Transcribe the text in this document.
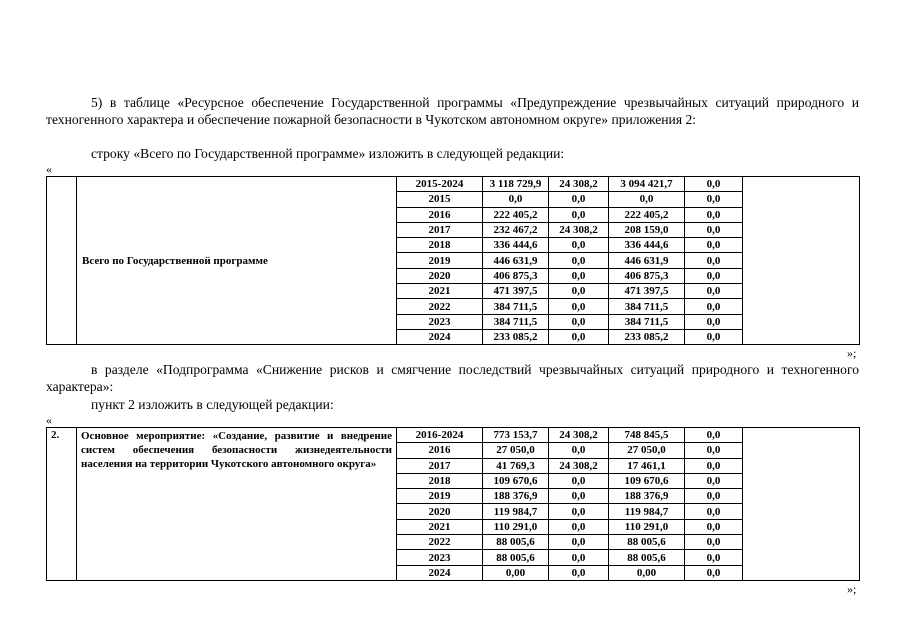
5) в таблице «Ресурсное обеспечение Государственной программы «Предупреждение чрезвычайных ситуаций природного и техногенного характера и обеспечение пожарной безопасности в Чукотском автономном округе» приложения 2:

строку «Всего по Государственной программе» изложить в следующей редакции:

«
	Всего по Государственной программе	2015-2024	3 118 729,9	24 308,2	3 094 421,7	0,0	
		2015	0,0	0,0	0,0	0,0	
		2016	222 405,2	0,0	222 405,2	0,0	
		2017	232 467,2	24 308,2	208 159,0	0,0	
		2018	336 444,6	0,0	336 444,6	0,0	
		2019	446 631,9	0,0	446 631,9	0,0	
		2020	406 875,3	0,0	406 875,3	0,0	
		2021	471 397,5	0,0	471 397,5	0,0	
		2022	384 711,5	0,0	384 711,5	0,0	
		2023	384 711,5	0,0	384 711,5	0,0	
		2024	233 085,2	0,0	233 085,2	0,0	
»;

в разделе «Подпрограмма «Снижение рисков и смягчение последствий чрезвычайных ситуаций природного и техногенного характера»:

пункт 2 изложить в следующей редакции:

«
2.	Основное мероприятие: «Создание, развитие и внедрение систем обеспечения безопасности жизнедеятельности населения на территории Чукотского автономного округа»	2016-2024	773 153,7	24 308,2	748 845,5	0,0	
		2016	27 050,0	0,0	27 050,0	0,0	
		2017	41 769,3	24 308,2	17 461,1	0,0	
		2018	109 670,6	0,0	109 670,6	0,0	
		2019	188 376,9	0,0	188 376,9	0,0	
		2020	119 984,7	0,0	119 984,7	0,0	
		2021	110 291,0	0,0	110 291,0	0,0	
		2022	88 005,6	0,0	88 005,6	0,0	
		2023	88 005,6	0,0	88 005,6	0,0	
		2024	0,00	0,0	0,00	0,0	
»;
